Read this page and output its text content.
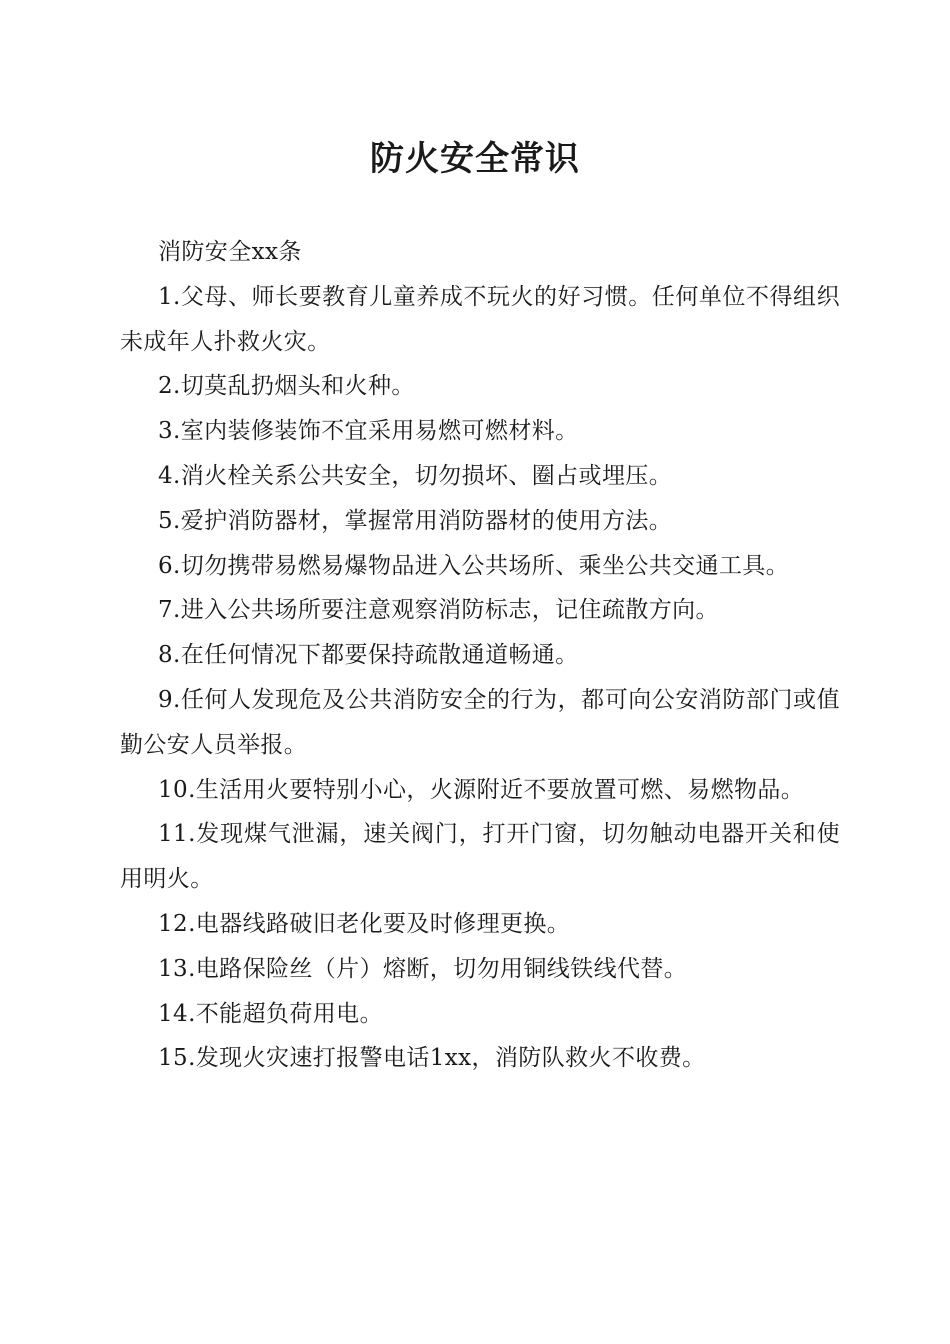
防火安全常识

消防安全xx条

1.父母、师长要教育儿童养成不玩火的好习惯。任何单位不得组织未成年人扑救火灾。

2.切莫乱扔烟头和火种。

3.室内装修装饰不宜采用易燃可燃材料。

4.消火栓关系公共安全，切勿损坏、圈占或埋压。

5.爱护消防器材，掌握常用消防器材的使用方法。

6.切勿携带易燃易爆物品进入公共场所、乘坐公共交通工具。

7.进入公共场所要注意观察消防标志，记住疏散方向。

8.在任何情况下都要保持疏散通道畅通。

9.任何人发现危及公共消防安全的行为，都可向公安消防部门或值勤公安人员举报。

10.生活用火要特别小心，火源附近不要放置可燃、易燃物品。

11.发现煤气泄漏，速关阀门，打开门窗，切勿触动电器开关和使用明火。

12.电器线路破旧老化要及时修理更换。

13.电路保险丝（片）熔断，切勿用铜线铁线代替。

14.不能超负荷用电。

15.发现火灾速打报警电话1xx，消防队救火不收费。
